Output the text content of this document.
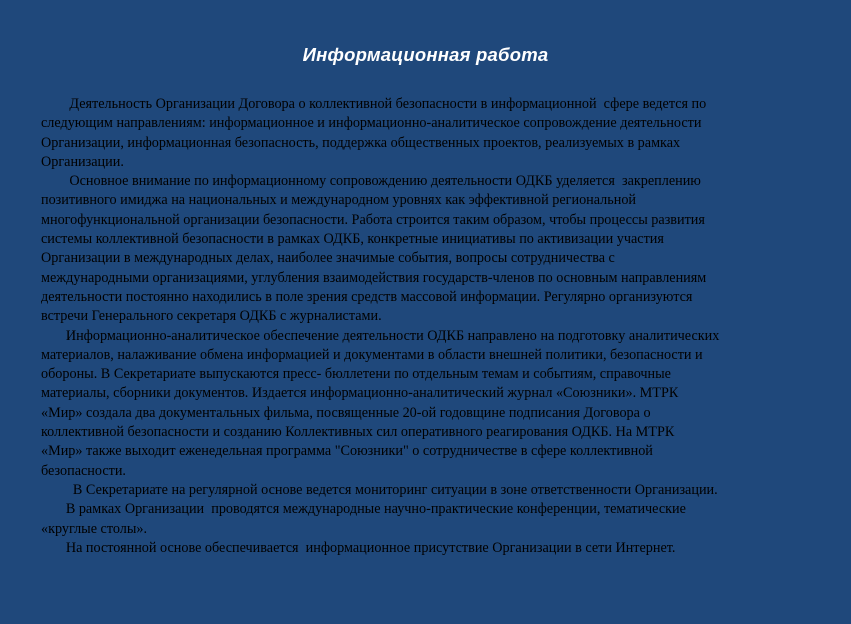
Информационная работа
Деятельность Организации Договора о коллективной безопасности в информационной  сфере ведется по
следующим направлениям: информационное и информационно-аналитическое сопровождение деятельности
Организации, информационная безопасность, поддержка общественных проектов, реализуемых в рамках
Организации.
Основное внимание по информационному сопровождению деятельности ОДКБ уделяется  закреплению
позитивного имиджа на национальных и международном уровнях как эффективной региональной
многофункциональной организации безопасности. Работа строится таким образом, чтобы процессы развития
системы коллективной безопасности в рамках ОДКБ, конкретные инициативы по активизации участия
Организации в международных делах, наиболее значимые события, вопросы сотрудничества с
международными организациями, углубления взаимодействия государств-членов по основным направлениям
деятельности постоянно находились в поле зрения средств массовой информации. Регулярно организуются
встречи Генерального секретаря ОДКБ с журналистами.
Информационно-аналитическое обеспечение деятельности ОДКБ направлено на подготовку аналитических
материалов, налаживание обмена информацией и документами в области внешней политики, безопасности и
обороны. В Секретариате выпускаются пресс- бюллетени по отдельным темам и событиям, справочные
материалы, сборники документов. Издается информационно-аналитический журнал «Союзники». МТРК
«Мир» создала два документальных фильма, посвященные 20-ой годовщине подписания Договора о
коллективной безопасности и созданию Коллективных сил оперативного реагирования ОДКБ. На МТРК
«Мир» также выходит еженедельная программа "Союзники" о сотрудничестве в сфере коллективной
безопасности.
В Секретариате на регулярной основе ведется мониторинг ситуации в зоне ответственности Организации.
В рамках Организации  проводятся международные научно-практические конференции, тематические
«круглые столы».
На постоянной основе обеспечивается  информационное присутствие Организации в сети Интернет.
